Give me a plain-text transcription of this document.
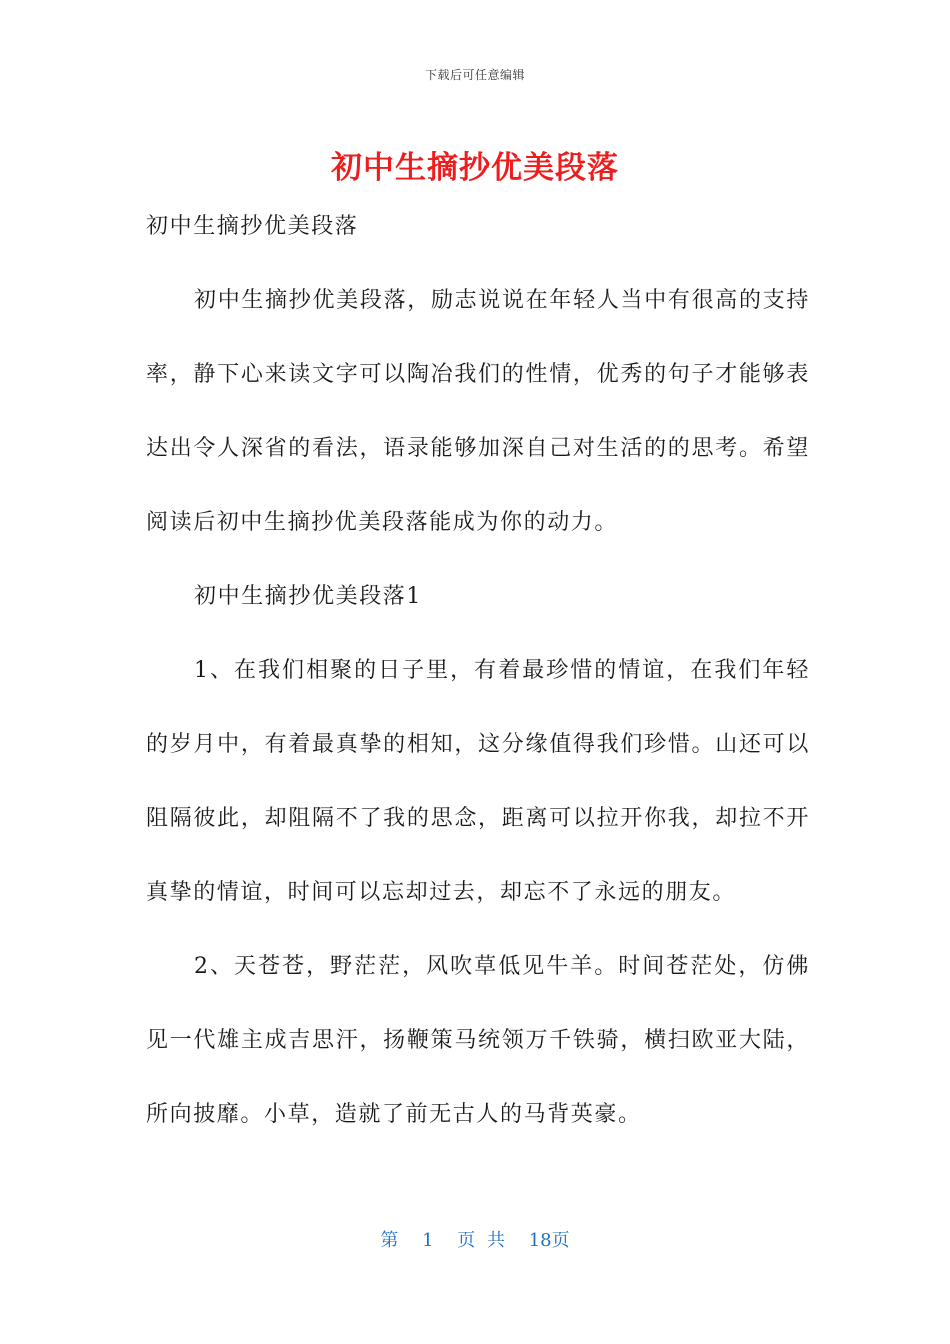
下载后可任意编辑
初中生摘抄优美段落

初中生摘抄优美段落

初中生摘抄优美段落，励志说说在年轻人当中有很高的支持率，静下心来读文字可以陶冶我们的性情，优秀的句子才能够表达出令人深省的看法，语录能够加深自己对生活的的思考。希望阅读后初中生摘抄优美段落能成为你的动力。

初中生摘抄优美段落1

1、在我们相聚的日子里，有着最珍惜的情谊，在我们年轻的岁月中，有着最真挚的相知，这分缘值得我们珍惜。山还可以阻隔彼此，却阻隔不了我的思念，距离可以拉开你我，却拉不开真挚的情谊，时间可以忘却过去，却忘不了永远的朋友。

2、天苍苍，野茫茫，风吹草低见牛羊。时间苍茫处，仿佛见一代雄主成吉思汗，扬鞭策马统领万千铁骑，横扫欧亚大陆，所向披靡。小草，造就了前无古人的马背英豪。

第 1 页 共 18页
